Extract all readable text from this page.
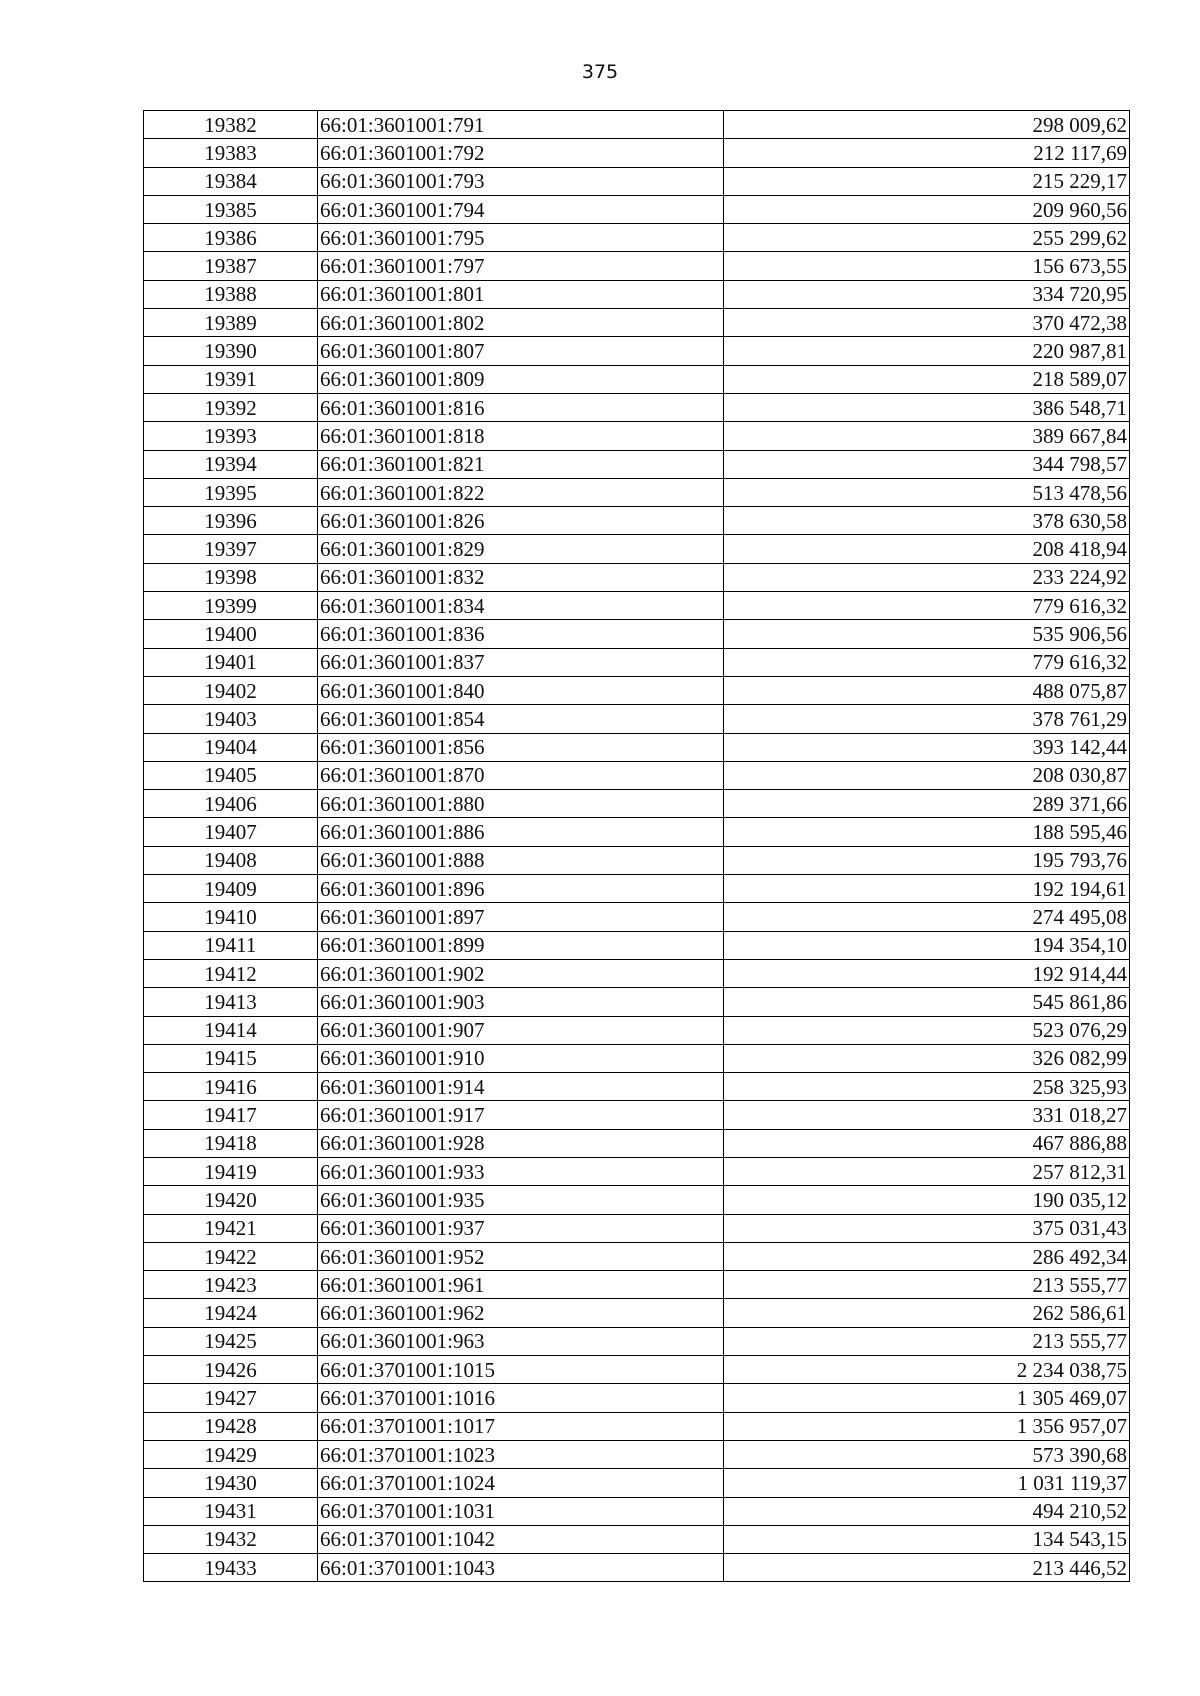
375
19382	66:01:3601001:791	298 009,62
19383	66:01:3601001:792	212 117,69
19384	66:01:3601001:793	215 229,17
19385	66:01:3601001:794	209 960,56
19386	66:01:3601001:795	255 299,62
19387	66:01:3601001:797	156 673,55
19388	66:01:3601001:801	334 720,95
19389	66:01:3601001:802	370 472,38
19390	66:01:3601001:807	220 987,81
19391	66:01:3601001:809	218 589,07
19392	66:01:3601001:816	386 548,71
19393	66:01:3601001:818	389 667,84
19394	66:01:3601001:821	344 798,57
19395	66:01:3601001:822	513 478,56
19396	66:01:3601001:826	378 630,58
19397	66:01:3601001:829	208 418,94
19398	66:01:3601001:832	233 224,92
19399	66:01:3601001:834	779 616,32
19400	66:01:3601001:836	535 906,56
19401	66:01:3601001:837	779 616,32
19402	66:01:3601001:840	488 075,87
19403	66:01:3601001:854	378 761,29
19404	66:01:3601001:856	393 142,44
19405	66:01:3601001:870	208 030,87
19406	66:01:3601001:880	289 371,66
19407	66:01:3601001:886	188 595,46
19408	66:01:3601001:888	195 793,76
19409	66:01:3601001:896	192 194,61
19410	66:01:3601001:897	274 495,08
19411	66:01:3601001:899	194 354,10
19412	66:01:3601001:902	192 914,44
19413	66:01:3601001:903	545 861,86
19414	66:01:3601001:907	523 076,29
19415	66:01:3601001:910	326 082,99
19416	66:01:3601001:914	258 325,93
19417	66:01:3601001:917	331 018,27
19418	66:01:3601001:928	467 886,88
19419	66:01:3601001:933	257 812,31
19420	66:01:3601001:935	190 035,12
19421	66:01:3601001:937	375 031,43
19422	66:01:3601001:952	286 492,34
19423	66:01:3601001:961	213 555,77
19424	66:01:3601001:962	262 586,61
19425	66:01:3601001:963	213 555,77
19426	66:01:3701001:1015	2 234 038,75
19427	66:01:3701001:1016	1 305 469,07
19428	66:01:3701001:1017	1 356 957,07
19429	66:01:3701001:1023	573 390,68
19430	66:01:3701001:1024	1 031 119,37
19431	66:01:3701001:1031	494 210,52
19432	66:01:3701001:1042	134 543,15
19433	66:01:3701001:1043	213 446,52
